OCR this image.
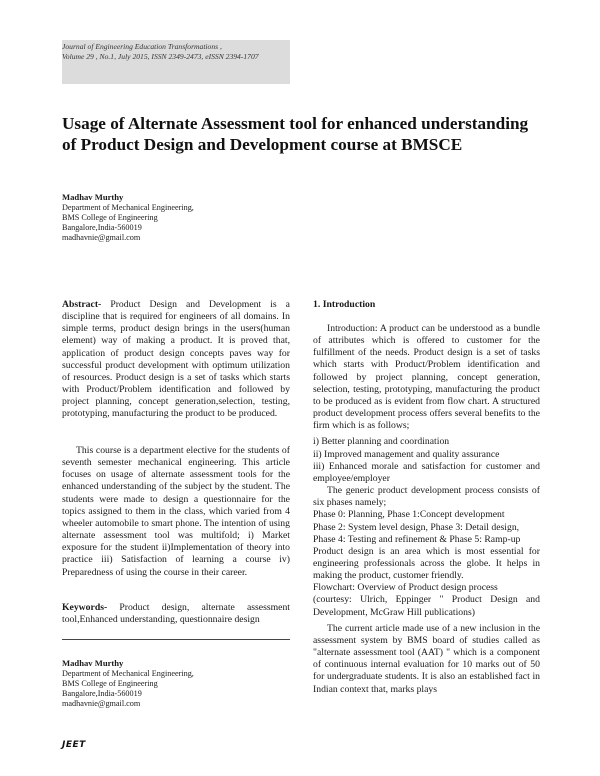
Journal of Engineering Education Transformations ,
Volume 29 , No.1, July 2015, ISSN 2349-2473, eISSN 2394-1707
Usage of Alternate Assessment tool for enhanced understanding of Product Design and Development course at BMSCE
Madhav Murthy
Department of Mechanical Engineering,
BMS College of Engineering
Bangalore,India-560019
madhavnie@gmail.com

Abstract- Product Design and Development is a discipline that is required for engineers of all domains. In simple terms, product design brings in the users(human element) way of making a product. It is proved that, application of product design concepts paves way for successful product development with optimum utilization of resources. Product design is a set of tasks which starts with Product/Problem identification and followed by project planning, concept generation,selection, testing, prototyping, manufacturing the product to be produced.

This course is a department elective for the students of seventh semester mechanical engineering. This article focuses on usage of alternate assessment tools for the enhanced understanding of the subject by the student. The students were made to design a questionnaire for the topics assigned to them in the class, which varied from 4 wheeler automobile to smart phone. The intention of using alternate assessment tool was multifold; i) Market exposure for the student ii)Implementation of theory into practice iii) Satisfaction of learning a course iv) Preparedness of using the course in their career.

Keywords- Product design, alternate assessment tool,Enhanced understanding, questionnaire design

Madhav Murthy
Department of Mechanical Engineering,
BMS College of Engineering
Bangalore,India-560019
madhavnie@gmail.com
1. Introduction

Introduction: A product can be understood as a bundle of attributes which is offered to customer for the fulfillment of the needs. Product design is a set of tasks which starts with Product/Problem identification and followed by project planning, concept generation, selection, testing, prototyping, manufacturing the product to be produced as is evident from flow chart. A structured product development process offers several benefits to the firm which is as follows;

i) Better planning and coordination

ii) Improved management and quality assurance

iii) Enhanced morale and satisfaction for customer and employee/employer

The generic product development process consists of six phases namely;

Phase 0: Planning, Phase 1:Concept development

Phase 2: System level design, Phase 3: Detail design,

Phase 4: Testing and refinement & Phase 5: Ramp-up

Product design is an area which is most essential for engineering professionals across the globe. It helps in making the product, customer friendly.

Flowchart: Overview of Product design process

(courtesy: Ulrich, Eppinger " Product Design and Development, McGraw Hill publications)

The current article made use of a new inclusion in the assessment system by BMS board of studies called as "alternate assessment tool (AAT) " which is a component of continuous internal evaluation for 10 marks out of 50 for undergraduate students. It is also an established fact in Indian context that, marks plays

JEET
